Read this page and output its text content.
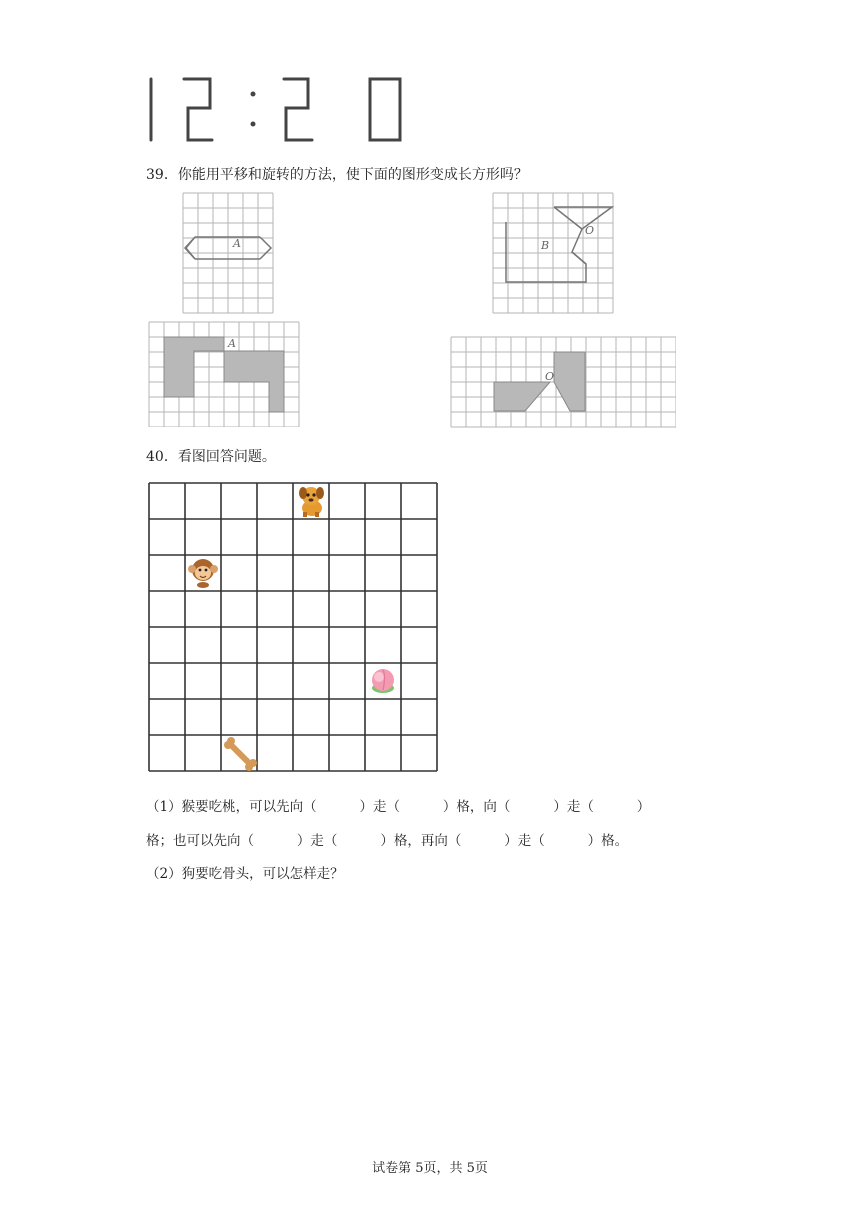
39．你能用平移和旋转的方法，使下面的图形变成长方形吗？
A	B
O
A
O
40．看图回答问题。
（1）猴要吃桃，可以先向（          ）走（          ）格，向（          ）走（          ）
格；也可以先向（          ）走（          ）格，再向（          ）走（          ）格。
（2）狗要吃骨头，可以怎样走？
试卷第 5页，共 5页
